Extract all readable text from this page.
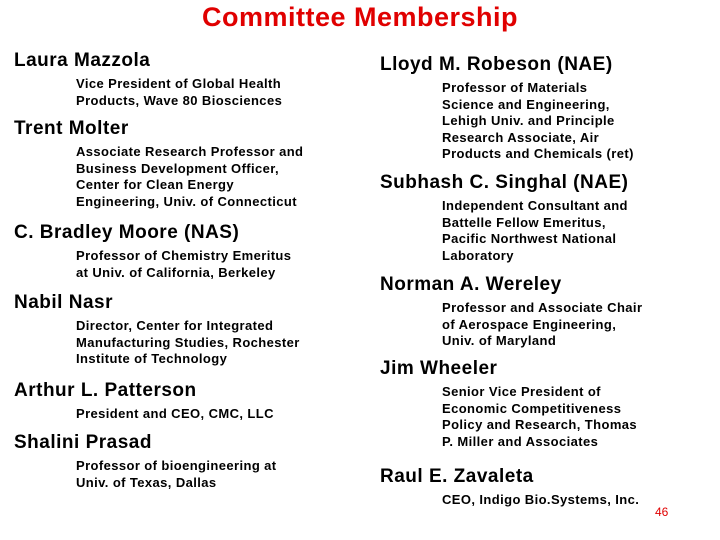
Committee Membership
Laura Mazzola
Vice President of Global Health
Products, Wave 80 Biosciences
Trent Molter
Associate Research Professor and
Business Development Officer,
Center for Clean Energy
Engineering, Univ. of Connecticut
C. Bradley Moore (NAS)
Professor of Chemistry Emeritus
at Univ. of California, Berkeley
Nabil Nasr
Director, Center for Integrated
Manufacturing Studies, Rochester
Institute of Technology
Arthur L. Patterson
President and CEO, CMC, LLC
Shalini Prasad
Professor of bioengineering at
Univ. of Texas, Dallas
Lloyd M. Robeson (NAE)
Professor of Materials
Science and Engineering,
Lehigh Univ. and Principle
Research Associate, Air
Products and Chemicals (ret)
Subhash C. Singhal (NAE)
Independent Consultant and
Battelle Fellow Emeritus,
Pacific Northwest National
Laboratory
Norman A. Wereley
Professor and Associate Chair
of Aerospace Engineering,
Univ. of Maryland
Jim Wheeler
Senior Vice President of
Economic Competitiveness
Policy and Research, Thomas
P. Miller and Associates
Raul E. Zavaleta
CEO, Indigo Bio.Systems, Inc.
46
